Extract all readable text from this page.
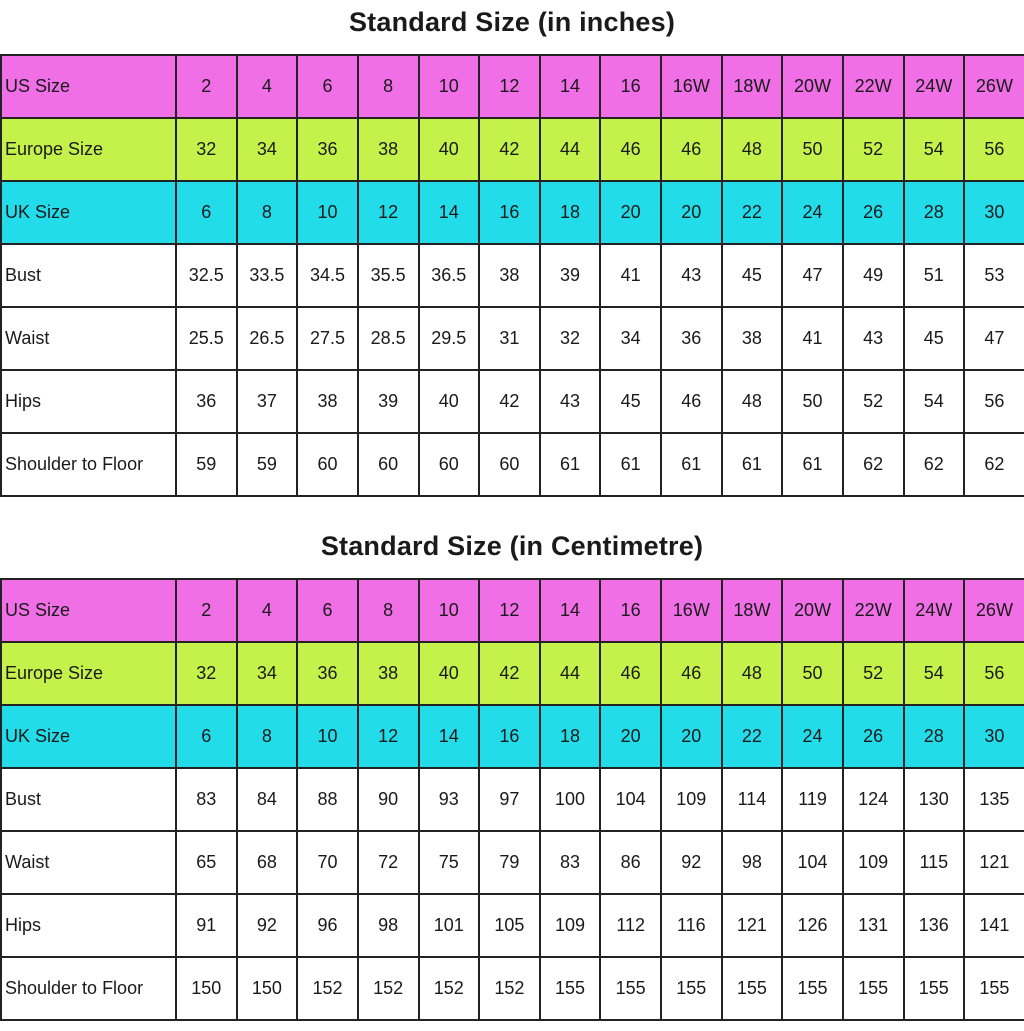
Standard Size (in inches)
US Size	2	4	6	8	10	12	14	16	16W	18W	20W	22W	24W	26W
Europe Size	32	34	36	38	40	42	44	46	46	48	50	52	54	56
UK Size	6	8	10	12	14	16	18	20	20	22	24	26	28	30
Bust	32.5	33.5	34.5	35.5	36.5	38	39	41	43	45	47	49	51	53
Waist	25.5	26.5	27.5	28.5	29.5	31	32	34	36	38	41	43	45	47
Hips	36	37	38	39	40	42	43	45	46	48	50	52	54	56
Shoulder to Floor	59	59	60	60	60	60	61	61	61	61	61	62	62	62
Standard Size (in Centimetre)
US Size	2	4	6	8	10	12	14	16	16W	18W	20W	22W	24W	26W
Europe Size	32	34	36	38	40	42	44	46	46	48	50	52	54	56
UK Size	6	8	10	12	14	16	18	20	20	22	24	26	28	30
Bust	83	84	88	90	93	97	100	104	109	114	119	124	130	135
Waist	65	68	70	72	75	79	83	86	92	98	104	109	115	121
Hips	91	92	96	98	101	105	109	112	116	121	126	131	136	141
Shoulder to Floor	150	150	152	152	152	152	155	155	155	155	155	155	155	155
